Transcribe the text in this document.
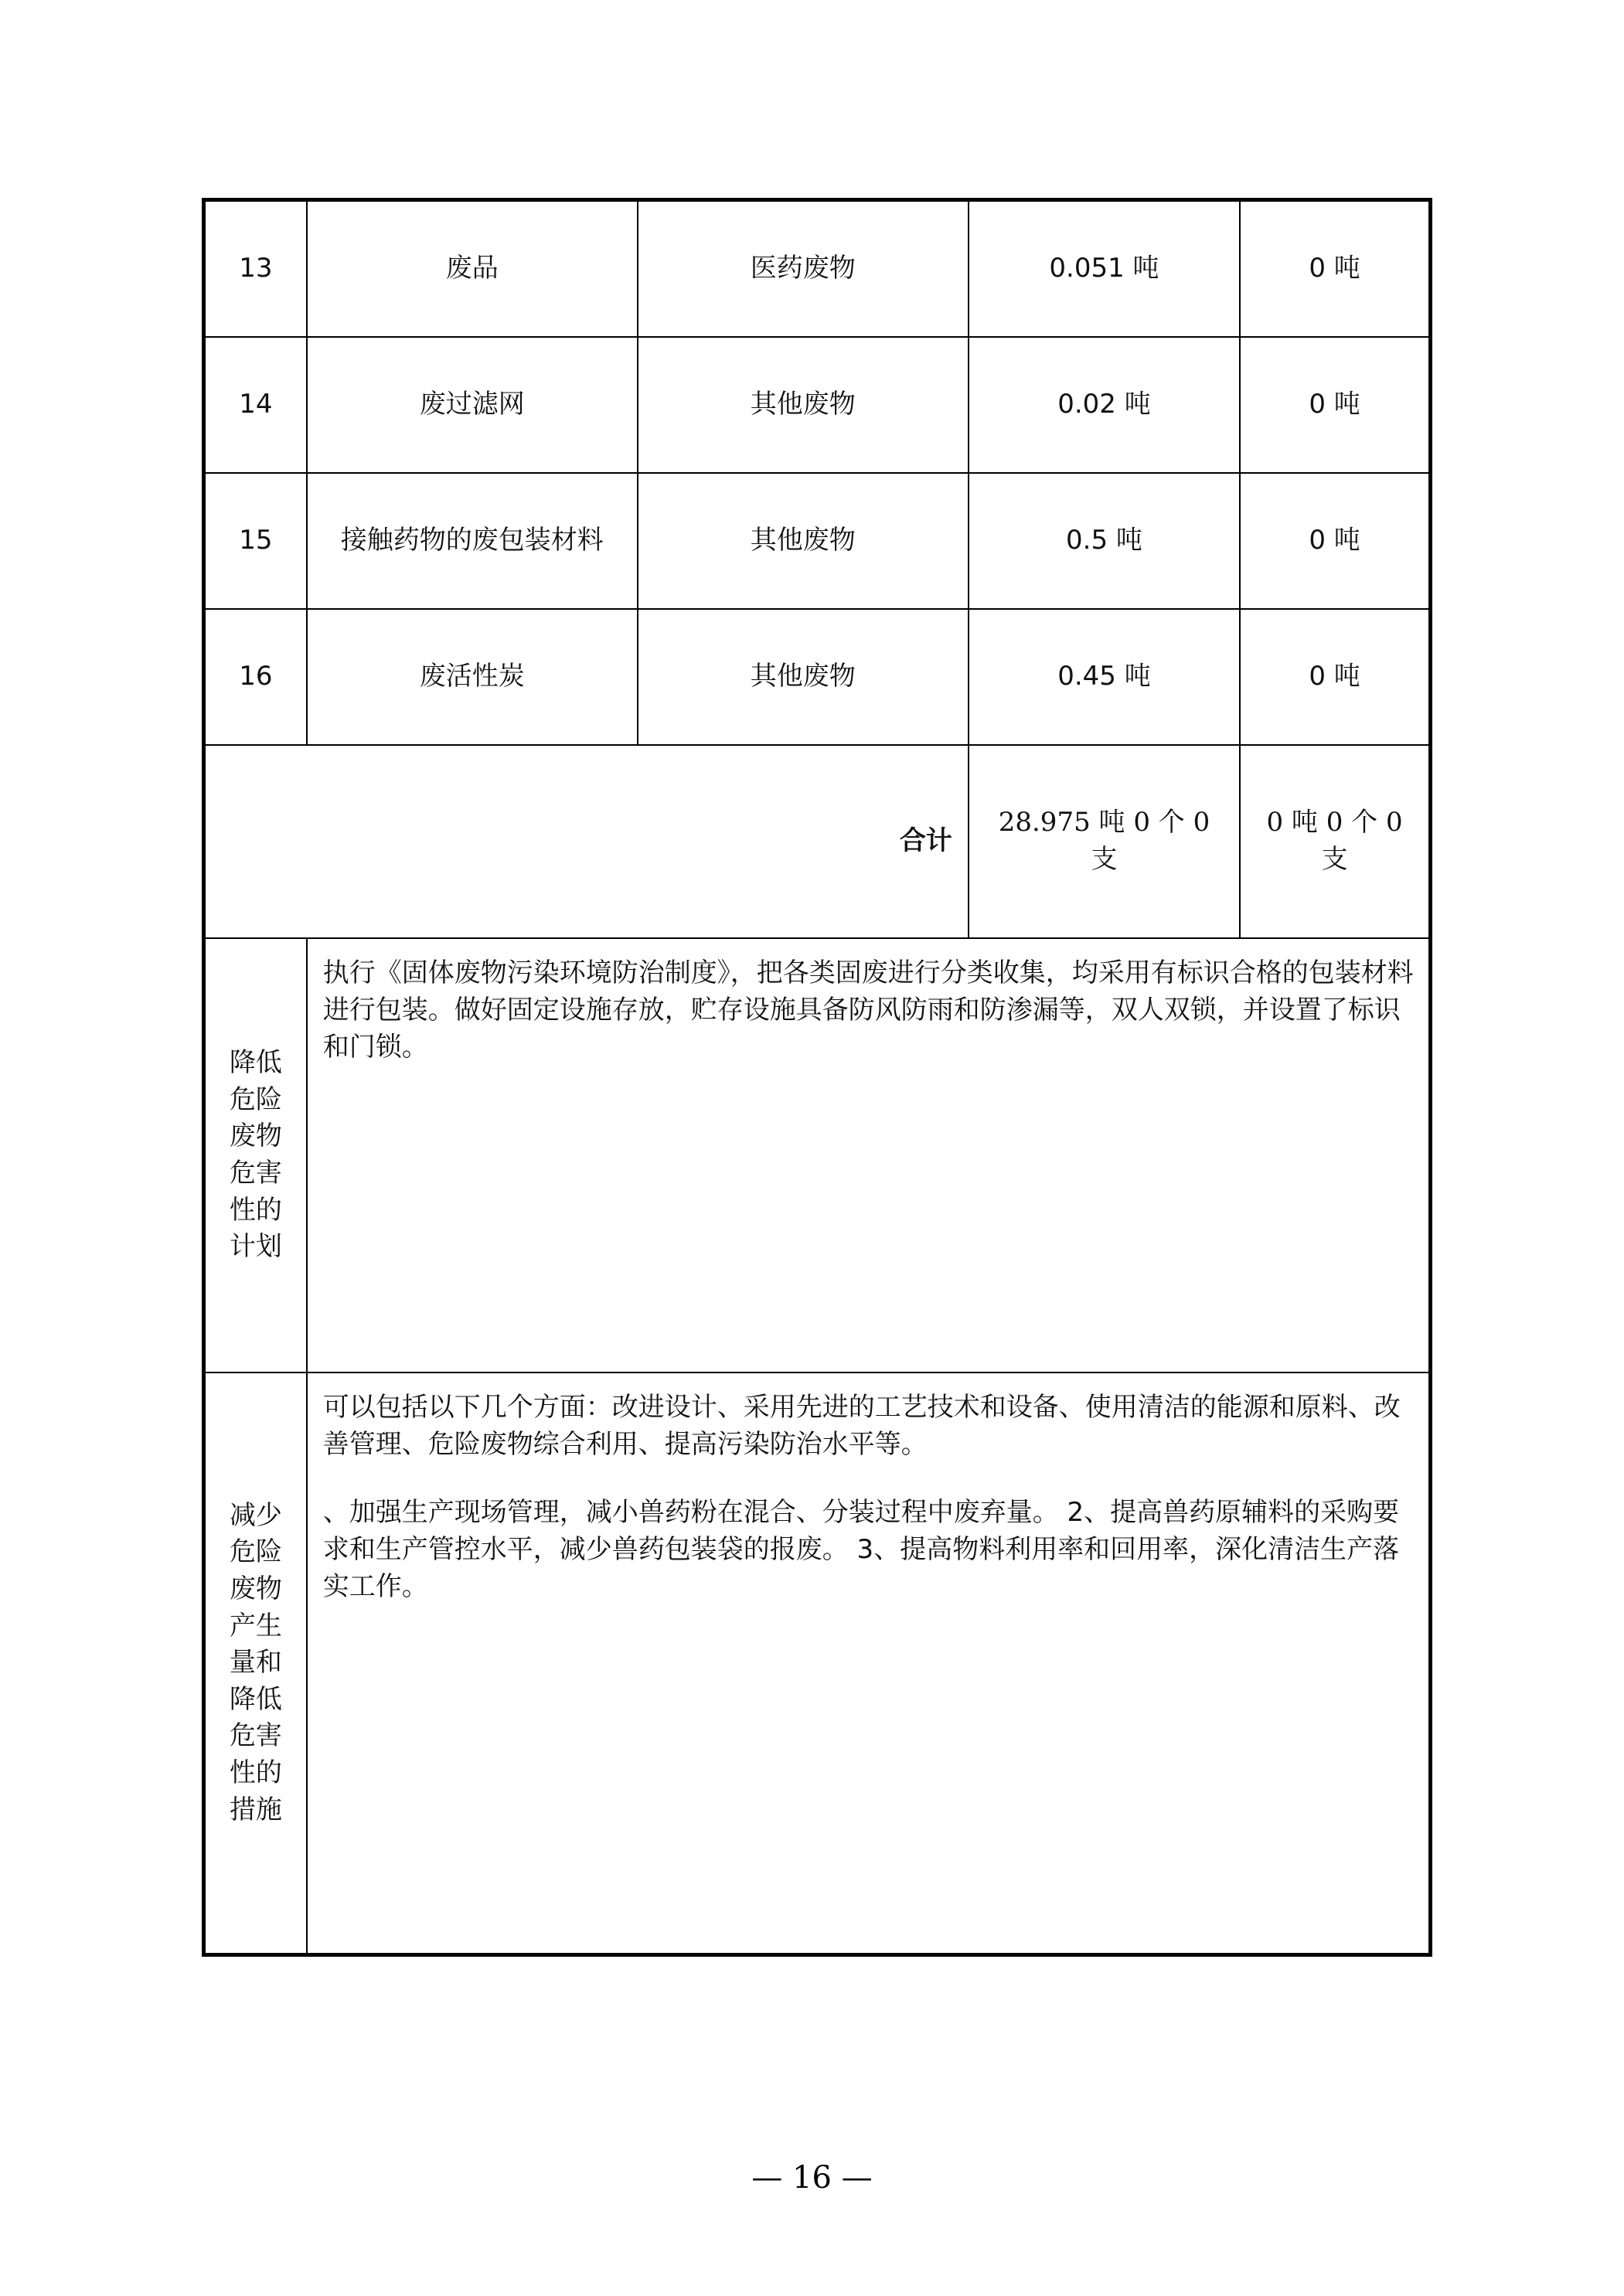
13	废品	医药废物	0.051 吨	0 吨
14	废过滤网	其他废物	0.02 吨	0 吨
15	接触药物的废包装材料	其他废物	0.5 吨	0 吨
16	废活性炭	其他废物	0.45 吨	0 吨
合计			28.975 吨 0 个 0 支	0 吨 0 个 0 支
降低危险废物危害性的计划	执行《固体废物污染环境防治制度》，把各类固废进行分类收集，均采用有标识合格的包装材料进行包装。做好固定设施存放，贮存设施具备防风防雨和防渗漏等，双人双锁，并设置了标识和门锁。			

减少危险废物产生量和降低危害性的措施	可以包括以下几个方面：改进设计、采用先进的工艺技术和设备、使用清洁的能源和原料、改善管理、危险废物综合利用、提高污染防治水平等。

、加强生产现场管理，减小兽药粉在混合、分装过程中废弃量。 2、提高兽药原辅料的采购要求和生产管控水平，减少兽药包装袋的报废。 3、提高物料利用率和回用率，深化清洁生产落实工作。			

— 16 —
